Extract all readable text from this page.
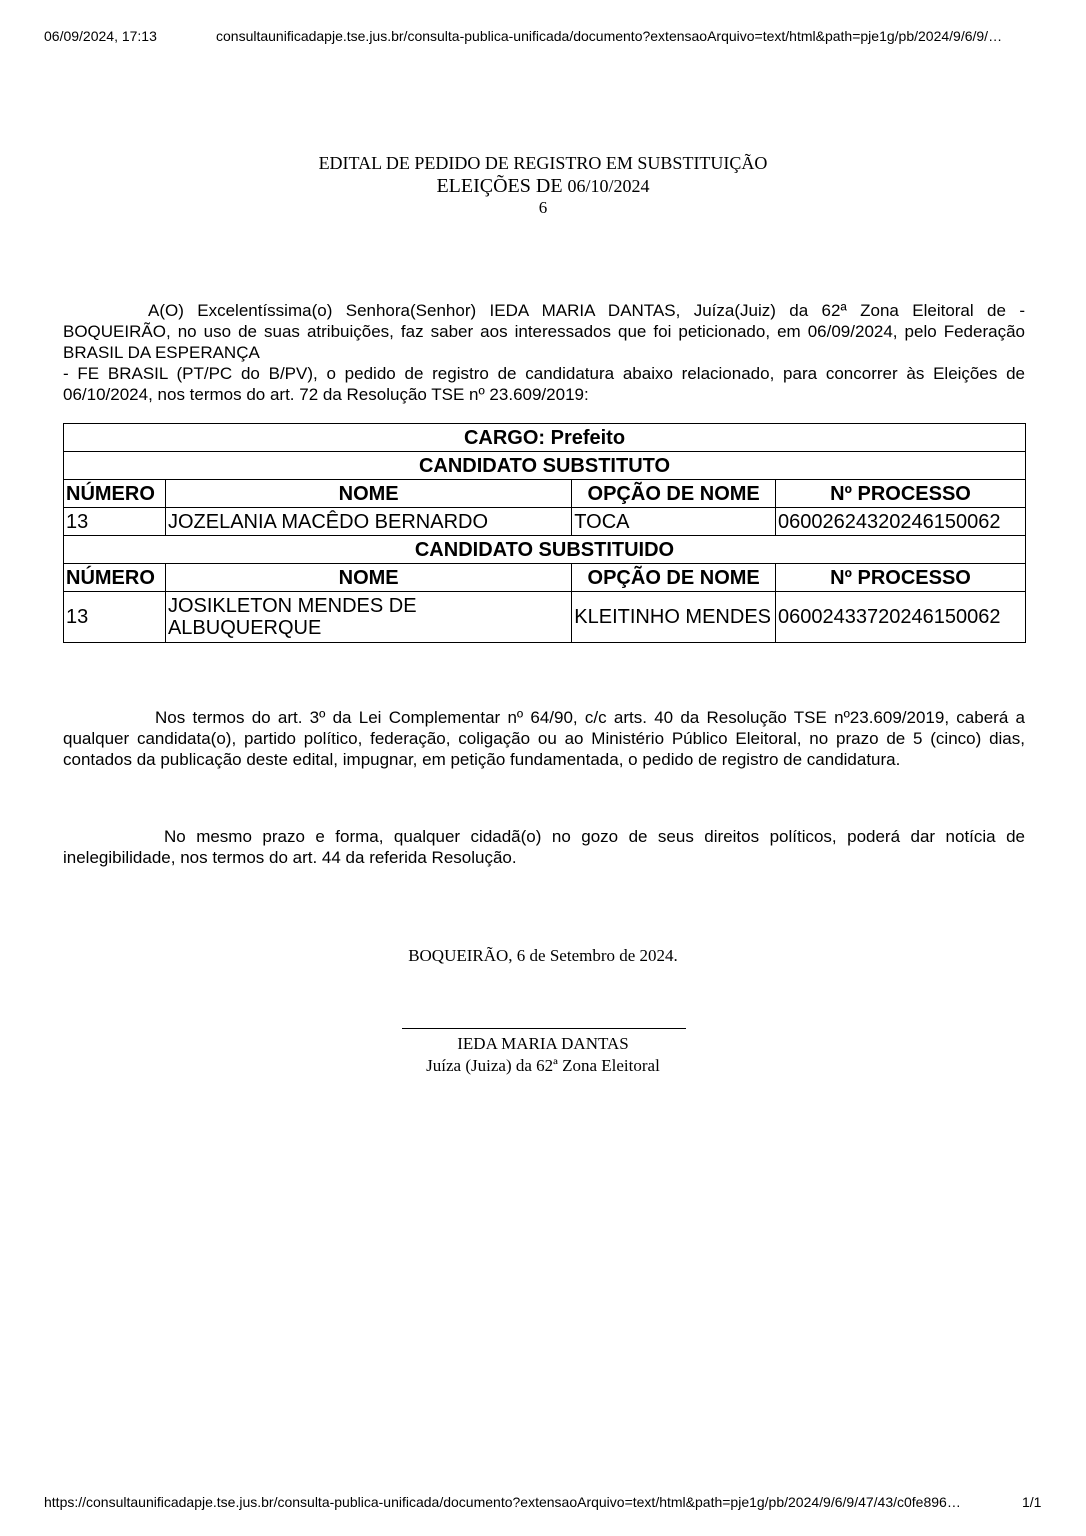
06/09/2024, 17:13	consultaunificadapje.tse.jus.br/consulta-publica-unificada/documento?extensaoArquivo=text/html&path=pje1g/pb/2024/9/6/9/…
EDITAL DE PEDIDO DE REGISTRO EM SUBSTITUIÇÃO
ELEIÇÕES DE 06/10/2024
6

A(O) Excelentíssima(o) Senhora(Senhor) IEDA MARIA DANTAS, Juíza(Juiz) da 62ª Zona Eleitoral de - BOQUEIRÃO, no uso de suas atribuições, faz saber aos interessados que foi peticionado, em 06/09/2024, pelo Federação BRASIL DA ESPERANÇA

- FE BRASIL (PT/PC do B/PV), o pedido de registro de candidatura abaixo relacionado, para concorrer às Eleições de 06/10/2024, nos termos do art. 72 da Resolução TSE nº 23.609/2019:

CARGO: Prefeito			
CANDIDATO SUBSTITUTO			
NÚMERO	NOME	OPÇÃO DE NOME	Nº PROCESSO
13	JOZELANIA MACÊDO BERNARDO	TOCA	06002624320246150062
CANDIDATO SUBSTITUIDO			
NÚMERO	NOME	OPÇÃO DE NOME	Nº PROCESSO
13	JOSIKLETON MENDES DE ALBUQUERQUE	KLEITINHO MENDES	06002433720246150062

Nos termos do art. 3º da Lei Complementar nº 64/90, c/c arts. 40 da Resolução TSE nº23.609/2019, caberá a qualquer candidata(o), partido político, federação, coligação ou ao Ministério Público Eleitoral, no prazo de 5 (cinco) dias, contados da publicação deste edital, impugnar, em petição fundamentada, o pedido de registro de candidatura.

No mesmo prazo e forma, qualquer cidadã(o) no gozo de seus direitos políticos, poderá dar notícia de inelegibilidade, nos termos do art. 44 da referida Resolução.

BOQUEIRÃO, 6 de Setembro de 2024.
IEDA MARIA DANTAS
Juíza (Juiza) da 62ª Zona Eleitoral
https://consultaunificadapje.tse.jus.br/consulta-publica-unificada/documento?extensaoArquivo=text/html&path=pje1g/pb/2024/9/6/9/47/43/c0fe896…	1/1
